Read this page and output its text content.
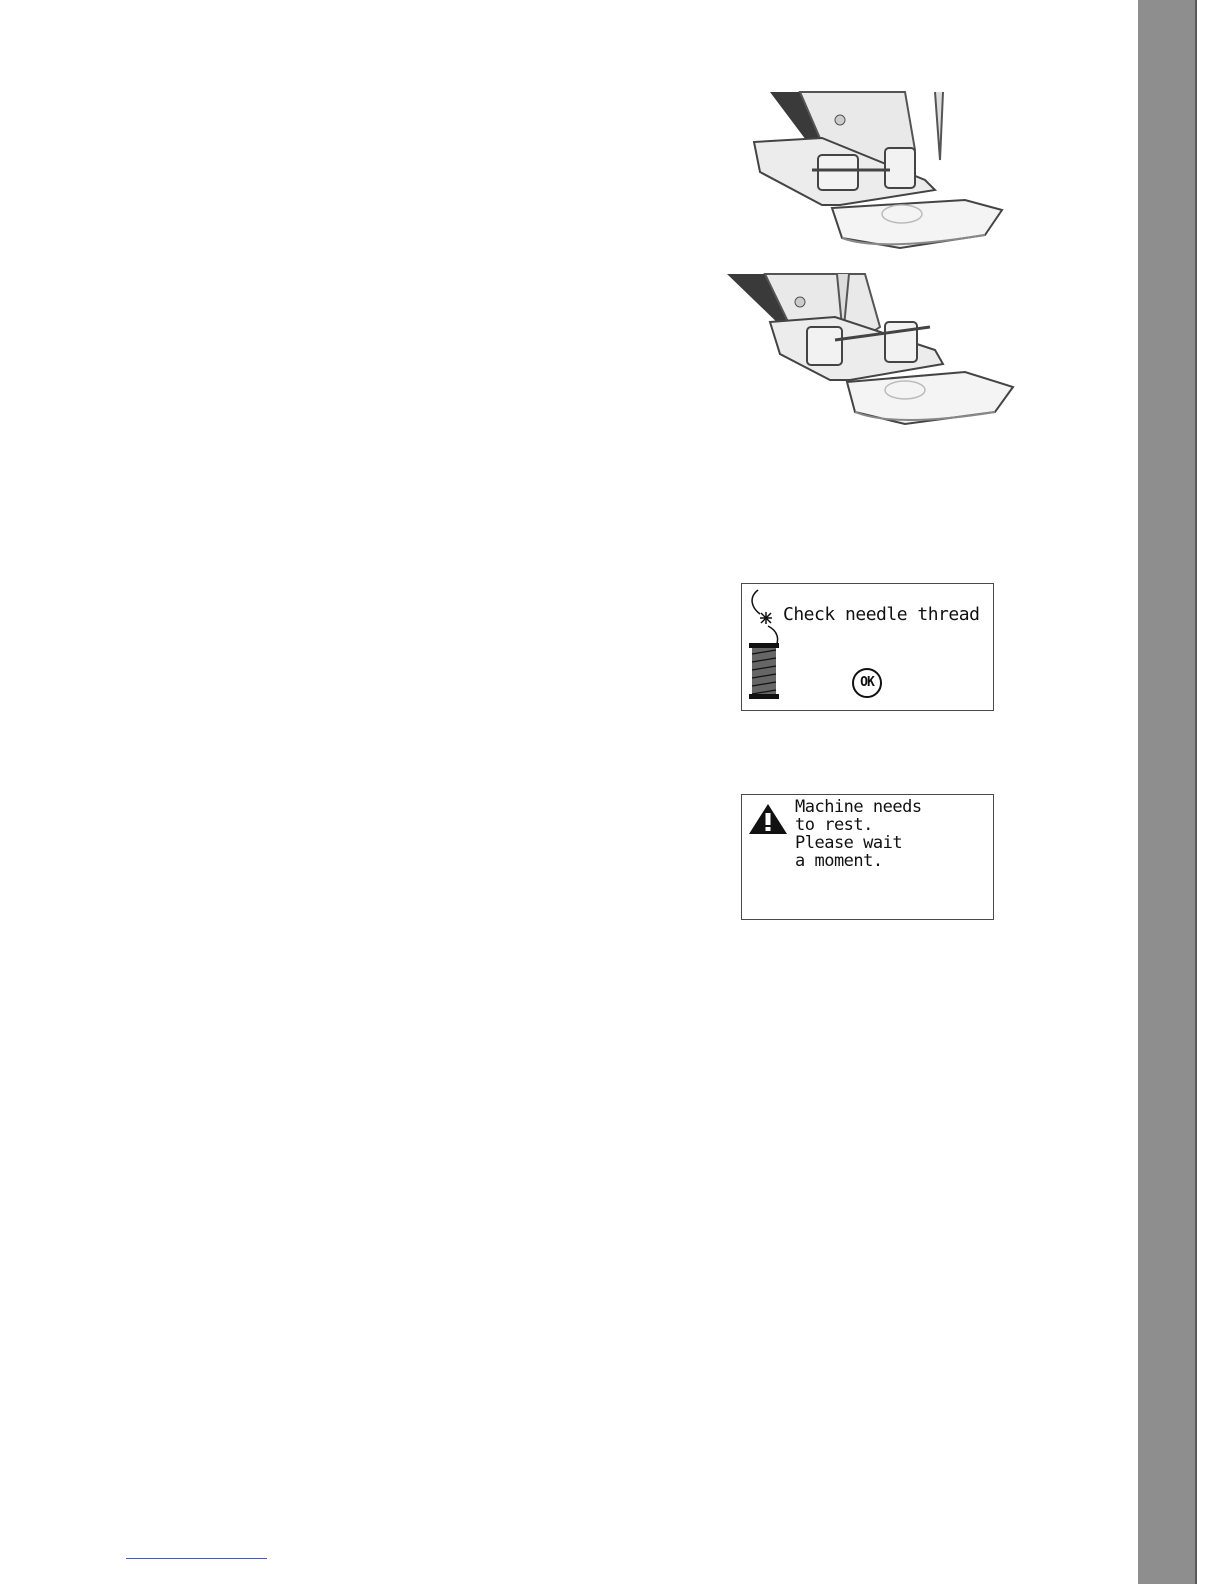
Check needle thread
OK
Machine needs
to rest.
Please wait
a moment.
